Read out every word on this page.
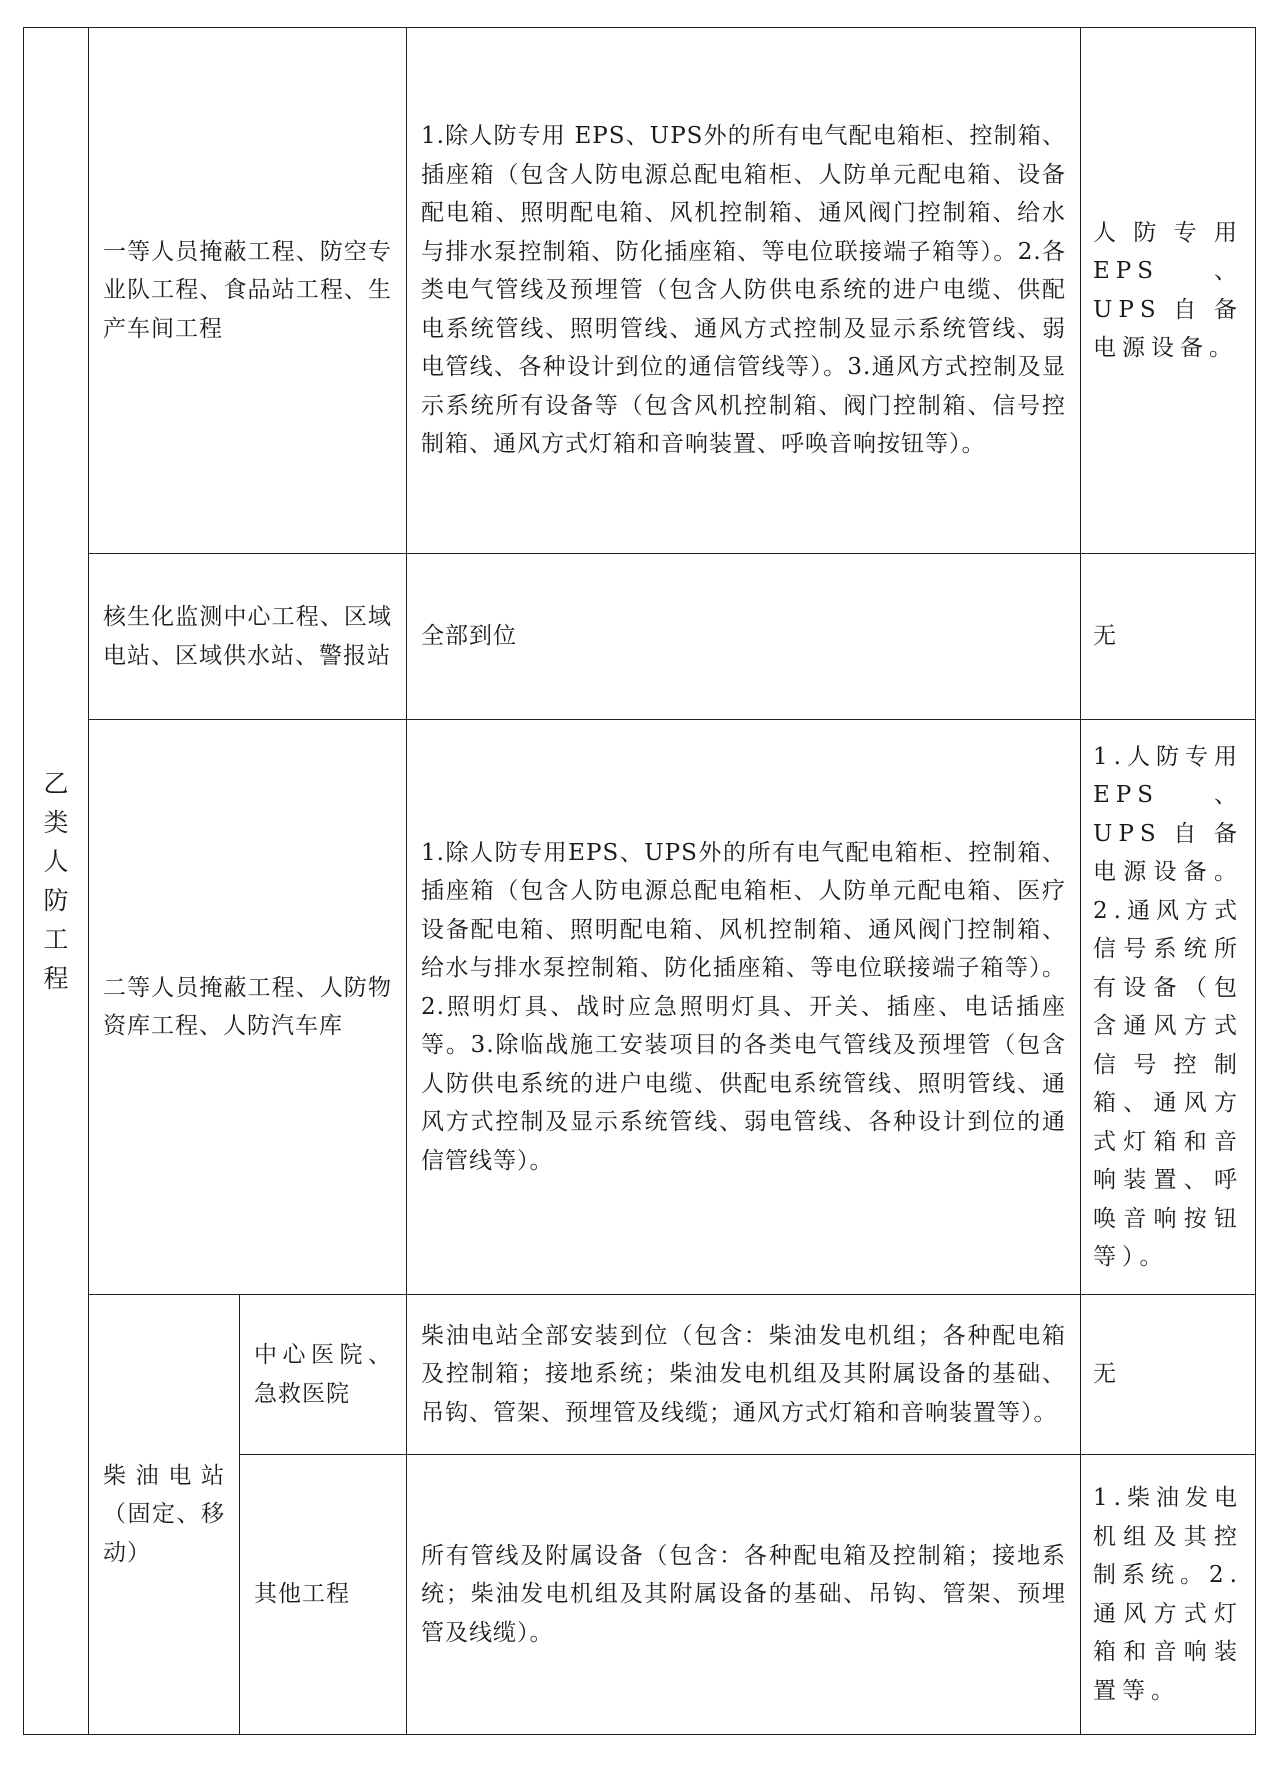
乙类人防工程	一等人员掩蔽工程、防空专业队工程、食品站工程、生产车间工程		1.除人防专用 EPS、UPS外的所有电气配电箱柜、控制箱、插座箱（包含人防电源总配电箱柜、人防单元配电箱、设备配电箱、照明配电箱、风机控制箱、通风阀门控制箱、给水与排水泵控制箱、防化插座箱、等电位联接端子箱等）。2.各类电气管线及预埋管（包含人防供电系统的进户电缆、供配电系统管线、照明管线、通风方式控制及显示系统管线、弱电管线、各种设计到位的通信管线等）。3.通风方式控制及显示系统所有设备等（包含风机控制箱、阀门控制箱、信号控制箱、通风方式灯箱和音响装置、呼唤音响按钮等）。	人防专用EPS、UPS自备电源设备。
	核生化监测中心工程、区域电站、区域供水站、警报站		全部到位	无
	二等人员掩蔽工程、人防物资库工程、人防汽车库		1.除人防专用EPS、UPS外的所有电气配电箱柜、控制箱、插座箱（包含人防电源总配电箱柜、人防单元配电箱、医疗设备配电箱、照明配电箱、风机控制箱、通风阀门控制箱、给水与排水泵控制箱、防化插座箱、等电位联接端子箱等）。2.照明灯具、战时应急照明灯具、开关、插座、电话插座等。3.除临战施工安装项目的各类电气管线及预埋管（包含人防供电系统的进户电缆、供配电系统管线、照明管线、通风方式控制及显示系统管线、弱电管线、各种设计到位的通信管线等）。	1.人防专用EPS、UPS自备电源设备。2.通风方式信号系统所有设备（包含通风方式信号控制箱、通风方式灯箱和音响装置、呼唤音响按钮等）。
	柴油电站（固定、移动）	中心医院、急救医院	柴油电站全部安装到位（包含：柴油发电机组；各种配电箱及控制箱；接地系统；柴油发电机组及其附属设备的基础、吊钩、管架、预埋管及线缆；通风方式灯箱和音响装置等）。	无
		其他工程	所有管线及附属设备（包含：各种配电箱及控制箱；接地系统；柴油发电机组及其附属设备的基础、吊钩、管架、预埋管及线缆）。	1.柴油发电机组及其控制系统。2.通风方式灯箱和音响装置等。
